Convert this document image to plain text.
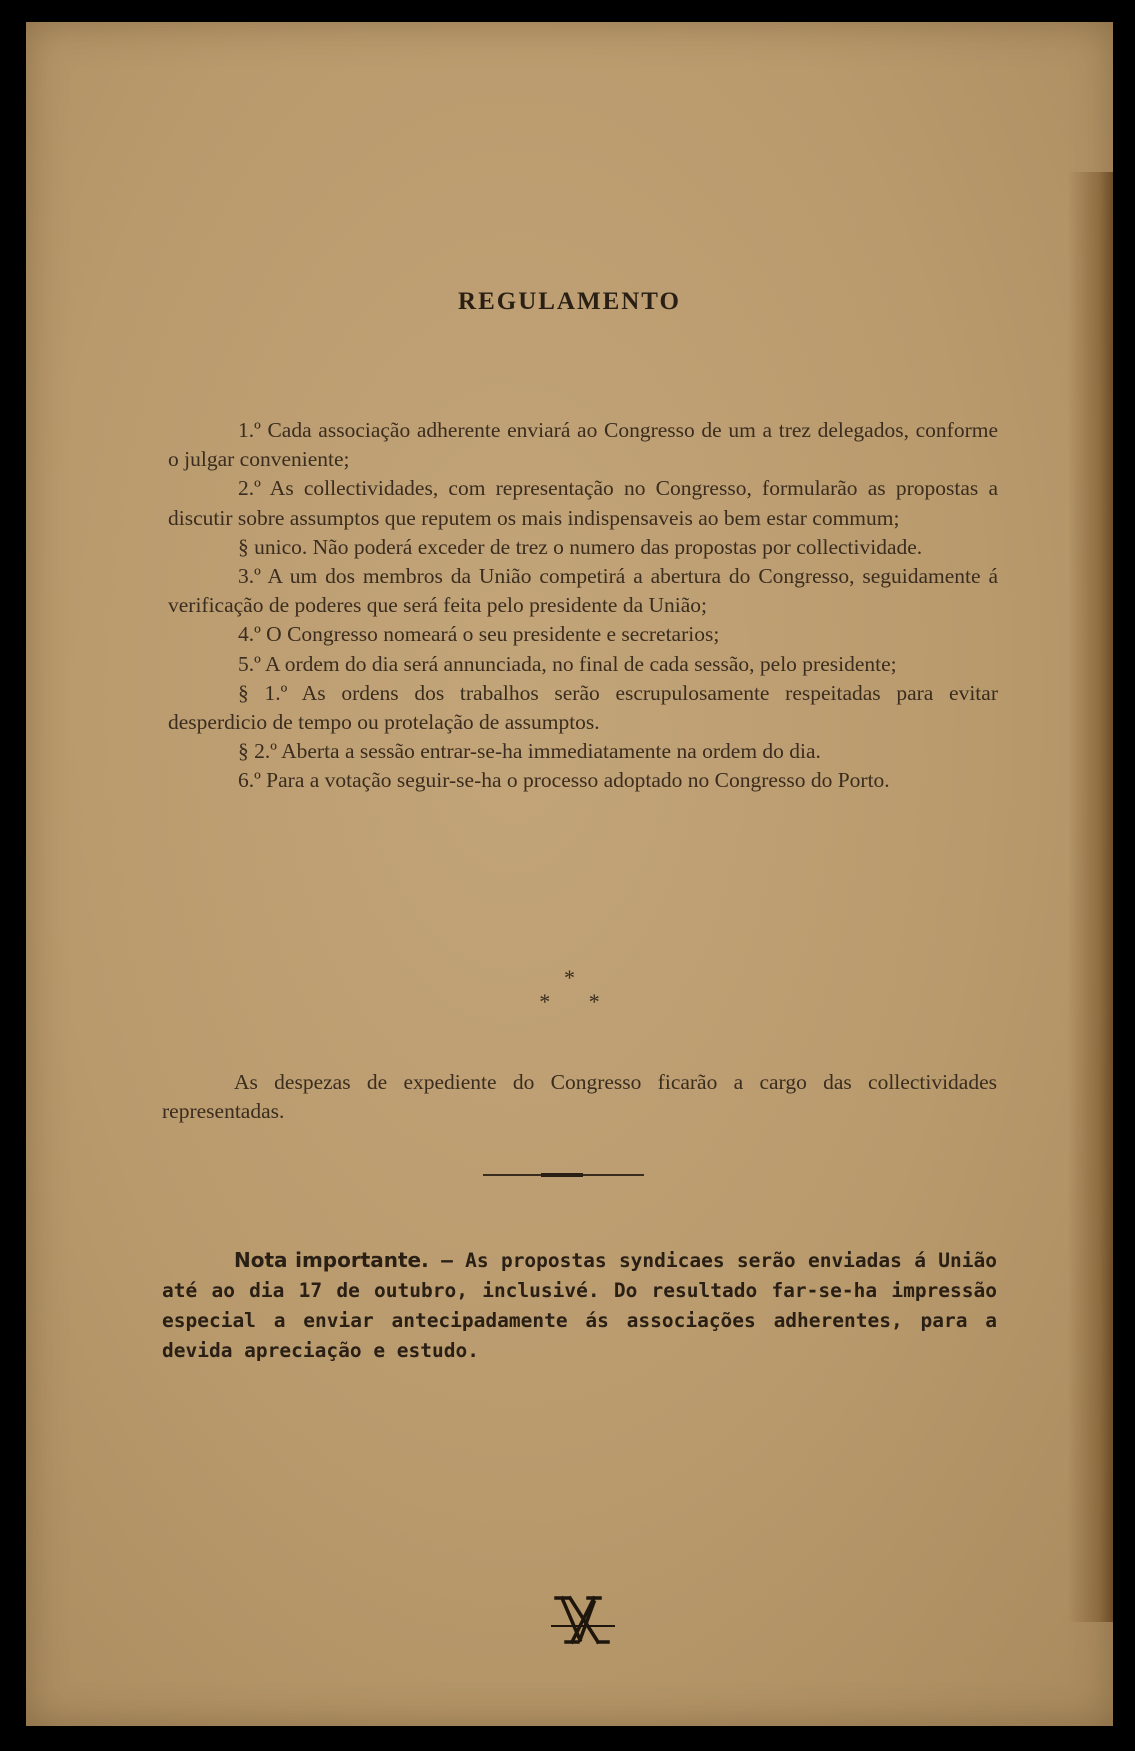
REGULAMENTO

1.º Cada associação adherente enviará ao Congresso de um a trez delegados, conforme o julgar conveniente;

2.º As collectividades, com representação no Congresso, formularão as propostas a discutir sobre assumptos que reputem os mais indispensaveis ao bem estar commum;

§ unico. Não poderá exceder de trez o numero das propostas por collectividade.

3.º A um dos membros da União competirá a abertura do Congresso, seguidamente á verificação de poderes que será feita pelo presidente da União;

4.º O Congresso nomeará o seu presidente e secretarios;

5.º A ordem do dia será annunciada, no final de cada sessão, pelo presidente;

§ 1.º As ordens dos trabalhos serão escrupulosamente respeitadas para evitar desperdicio de tempo ou protelação de assumptos.

§ 2.º Aberta a sessão entrar-se-ha immediatamente na ordem do dia.

6.º Para a votação seguir-se-ha o processo adoptado no Congresso do Porto.

*
*       *
As despezas de expediente do Congresso ficarão a cargo das collectividades representadas.
Nota importante. — As propostas syndicaes serão enviadas á União até ao dia 17 de outubro, inclusivé. Do resultado far-se-ha impressão especial a enviar antecipadamente ás associações adherentes, para a devida apreciação e estudo.
